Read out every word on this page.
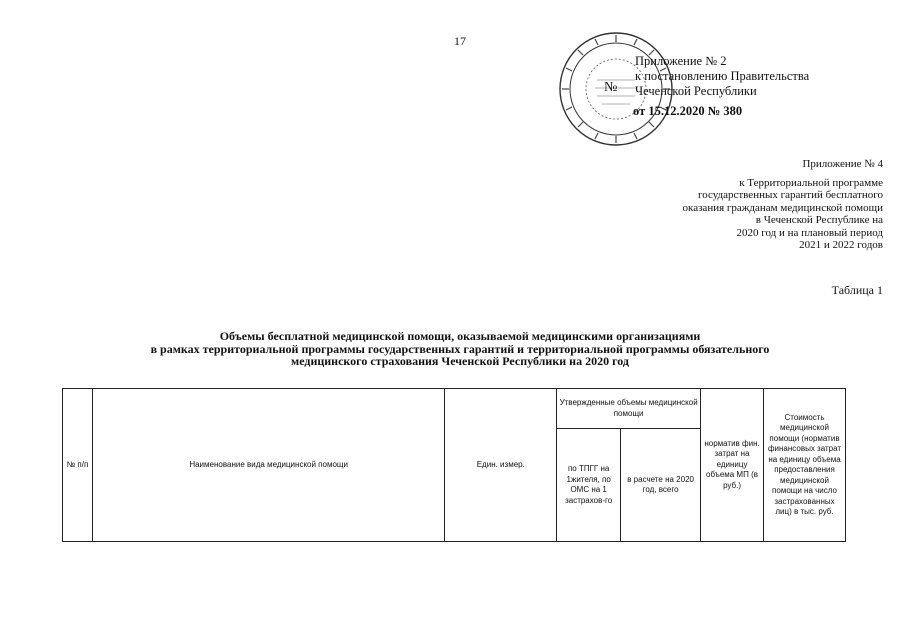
17
№
Приложение № 2
к постановлению Правительства
Чеченской Республики
от 15.12.2020 № 380
Приложение № 4
к Территориальной программе
государственных гарантий бесплатного
оказания гражданам медицинской помощи
в Чеченской Республике на
2020 год и на плановый период
2021 и 2022 годов
Таблица 1
Объемы бесплатной медицинской помощи, оказываемой медицинскими организациями
в рамках территориальной программы государственных гарантий и территориальной программы обязательного
медицинского страхования Чеченской Республики на 2020 год
№ п/п	Наименование вида медицинской помощи	Един. измер.	Утвержденные объемы медицинской помощи		норматив фин. затрат на единицу объема МП (в руб.)	Стоимость медицинской помощи (норматив финансовых затрат на единицу объема предоставления медицинской помощи на число застрахованных лиц) в тыс. руб.
			по ТПГГ на 1жителя, по ОМС на 1 застрахов-го	в расчете на 2020 год, всего		
